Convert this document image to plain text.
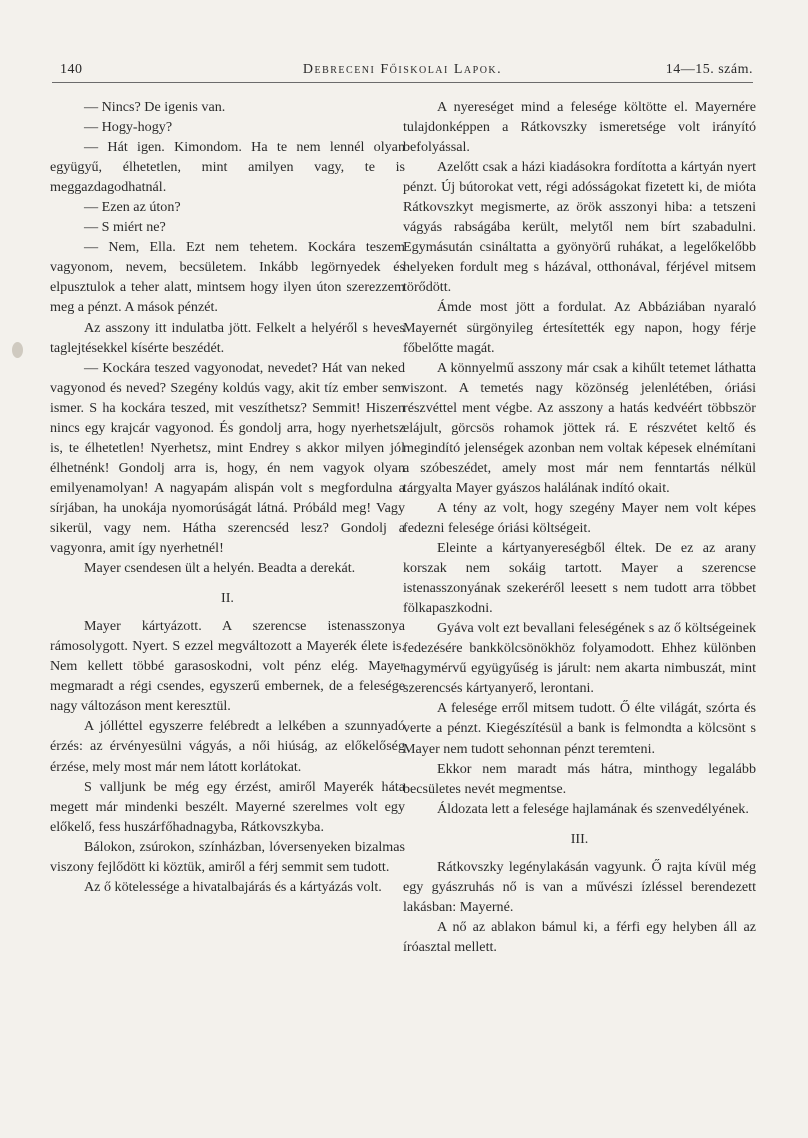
140	Debreceni Főiskolai Lapok.	14—15. szám.

— Nincs? De igenis van.

— Hogy-hogy?

— Hát igen. Kimondom. Ha te nem lennél olyan együgyű, élhetetlen, mint amilyen vagy, te is meggazdagodhatnál.

— Ezen az úton?

— S miért ne?

— Nem, Ella. Ezt nem tehetem. Kockára teszem vagyonom, nevem, becsületem. Inkább legörnyedek és elpusztulok a teher alatt, mintsem hogy ilyen úton szerezzem meg a pénzt. A mások pénzét.

Az asszony itt indulatba jött. Felkelt a helyéről s heves taglejtésekkel kísérte beszédét.

— Kockára teszed vagyonodat, nevedet? Hát van neked vagyonod és neved? Szegény koldús vagy, akit tíz ember sem ismer. S ha kockára teszed, mit veszíthetsz? Semmit! Hiszen nincs egy krajcár vagyonod. És gondolj arra, hogy nyerhetsz is, te élhetetlen! Nyerhetsz, mint Endrey s akkor milyen jól élhetnénk! Gondolj arra is, hogy, én nem vagyok olyan emilyenamolyan! A nagyapám alispán volt s megfordulna a sírjában, ha unokája nyomorúságát látná. Próbáld meg! Vagy sikerül, vagy nem. Hátha szerencséd lesz? Gondolj a vagyonra, amit így nyerhetnél!

Mayer csendesen ült a helyén. Beadta a derekát.

II.

Mayer kártyázott. A szerencse istenasszonya rámosolygott. Nyert. S ezzel megváltozott a Mayerék élete is. Nem kellett többé garasoskodni, volt pénz elég. Mayer megmaradt a régi csendes, egyszerű embernek, de a felesége nagy változáson ment keresztül.

A jólléttel egyszerre felébredt a lelkében a szunnyadó érzés: az érvényesülni vágyás, a női hiúság, az előkelőség érzése, mely most már nem látott korlátokat.

S valljunk be még egy érzést, amiről Mayerék háta megett már mindenki beszélt. Mayerné szerelmes volt egy előkelő, fess huszárfőhadnagyba, Rátkovszkyba.

Bálokon, zsúrokon, színházban, lóversenyeken bizalmas viszony fejlődött ki köztük, amiről a férj semmit sem tudott.

Az ő kötelessége a hivatalbajárás és a kártyázás volt.

A nyereséget mind a felesége költötte el. Mayernére tulajdonképpen a Rátkovszky ismeretsége volt irányító befolyással.

Azelőtt csak a házi kiadásokra fordította a kártyán nyert pénzt. Új bútorokat vett, régi adósságokat fizetett ki, de mióta Rátkovszkyt megismerte, az örök asszonyi hiba: a tetszeni vágyás rabságába került, melytől nem bírt szabadulni. Egymásután csináltatta a gyönyörű ruhákat, a legelőkelőbb helyeken fordult meg s házával, otthonával, férjével mitsem törődött.

Ámde most jött a fordulat. Az Abbáziában nyaraló Mayernét sürgönyileg értesítették egy napon, hogy férje főbelőtte magát.

A könnyelmű asszony már csak a kihűlt tetemet láthatta viszont. A temetés nagy közönség jelenlétében, óriási részvéttel ment végbe. Az asszony a hatás kedvéért többször elájult, görcsös rohamok jöttek rá. E részvétet keltő és megindító jelenségek azonban nem voltak képesek elnémítani a szóbeszédet, amely most már nem fenntartás nélkül tárgyalta Mayer gyászos halálának indító okait.

A tény az volt, hogy szegény Mayer nem volt képes fedezni felesége óriási költségeit.

Eleinte a kártyanyereségből éltek. De ez az arany korszak nem sokáig tartott. Mayer a szerencse istenasszonyának szekeréről leesett s nem tudott arra többet fölkapaszkodni.

Gyáva volt ezt bevallani feleségének s az ő költségeinek fedezésére bankkölcsönökhöz folyamodott. Ehhez különben nagymérvű együgyűség is járult: nem akarta nimbuszát, mint szerencsés kártyanyerő, lerontani.

A felesége erről mitsem tudott. Ő élte világát, szórta és verte a pénzt. Kiegészítésül a bank is felmondta a kölcsönt s Mayer nem tudott sehonnan pénzt teremteni.

Ekkor nem maradt más hátra, minthogy legalább becsületes nevét megmentse.

Áldozata lett a felesége hajlamának és szenvedélyének.

III.

Rátkovszky legénylakásán vagyunk. Ő rajta kívül még egy gyászruhás nő is van a művészi ízléssel berendezett lakásban: Mayerné.

A nő az ablakon bámul ki, a férfi egy helyben áll az íróasztal mellett.
